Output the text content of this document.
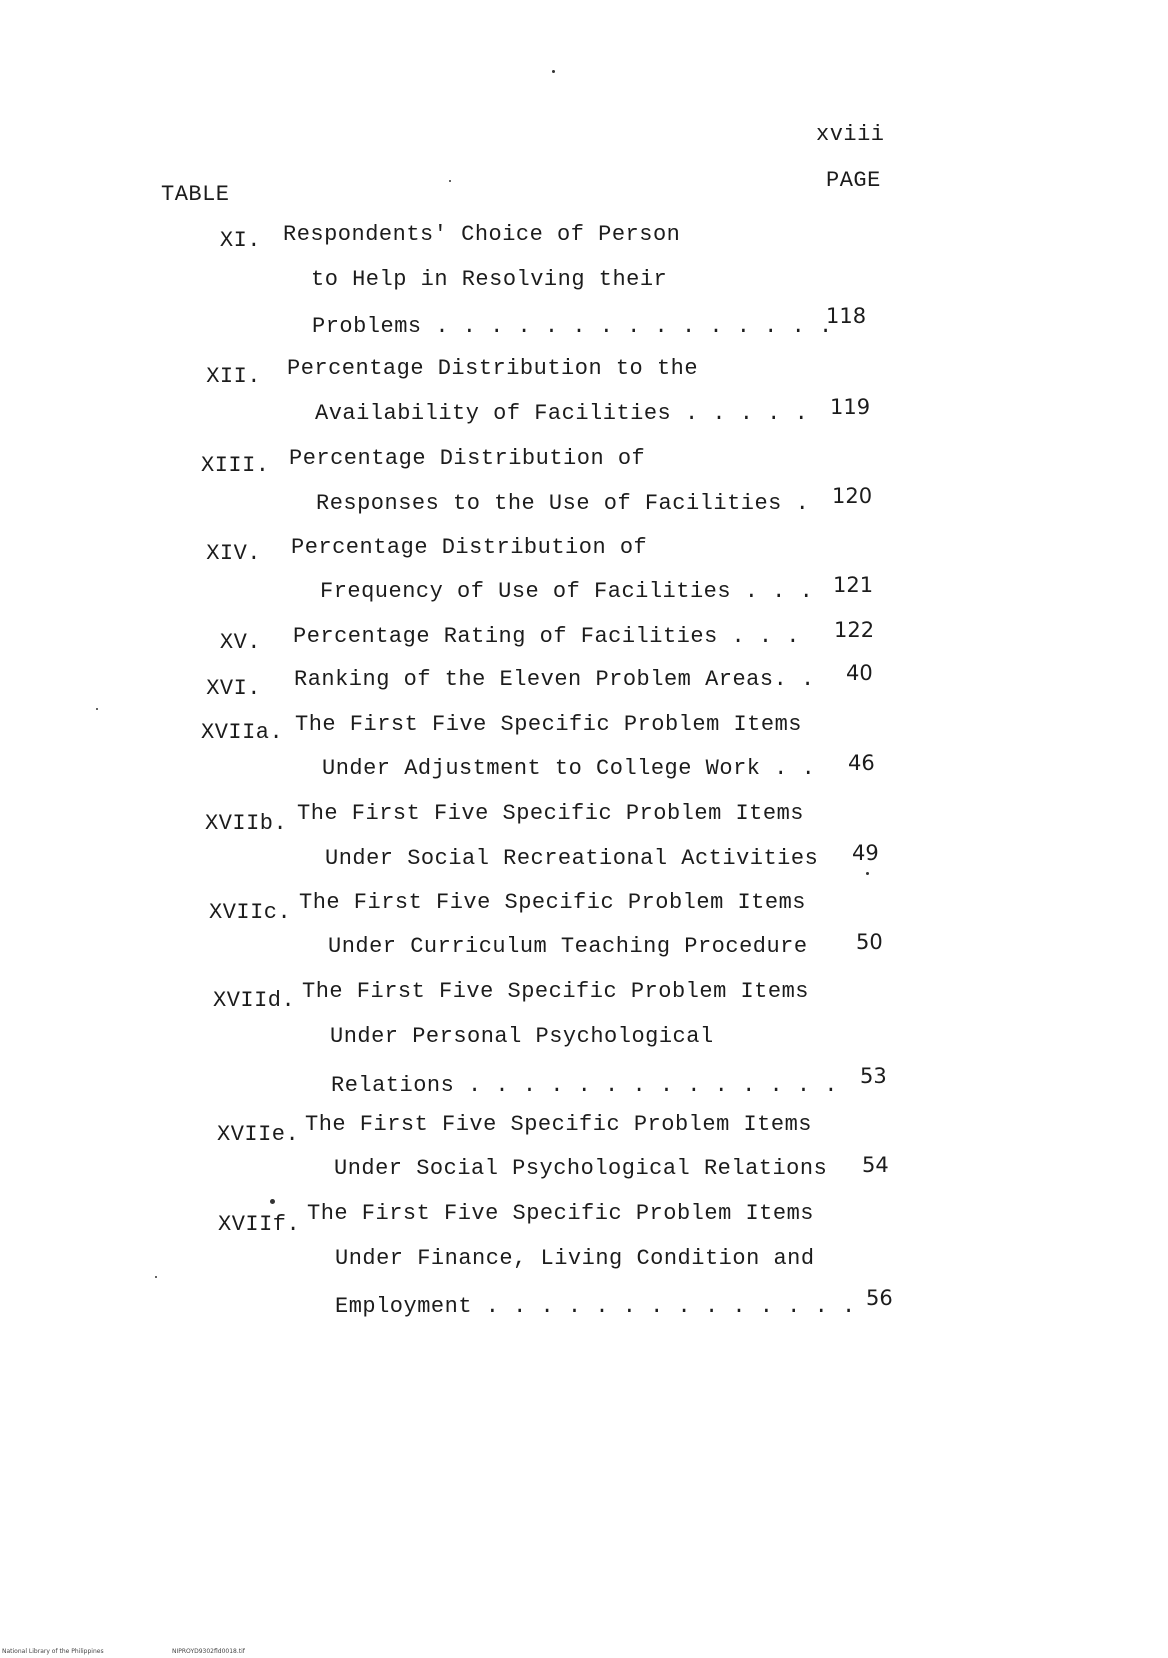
xviii
TABLE
PAGE
XI. Respondents' Choice of Person
to Help in Resolving their
Problems . . . . . . . . . . . . . . .
118
XII. Percentage Distribution to the
Availability of Facilities . . . . . 119
XIII. Percentage Distribution of
Responses to the Use of Facilities . 120
XIV. Percentage Distribution of
Frequency of Use of Facilities . . . 121
XV. Percentage Rating of Facilities . . . 122
XVI. Ranking of the Eleven Problem Areas. . 40
XVIIa. The First Five Specific Problem Items
Under Adjustment to College Work . . 46
XVIIb. The First Five Specific Problem Items
Under Social Recreational Activities 49
XVIIc. The First Five Specific Problem Items
Under Curriculum Teaching Procedure 50
XVIId. The First Five Specific Problem Items
Under Personal Psychological
Relations . . . . . . . . . . . . . . 53
XVIIe. The First Five Specific Problem Items
Under Social Psychological Relations 54
XVIIf. The First Five Specific Problem Items
Under Finance, Living Condition and
Employment . . . . . . . . . . . . . . 56
National Library of the Philippines	NIPROYD9302fld0018.tif
